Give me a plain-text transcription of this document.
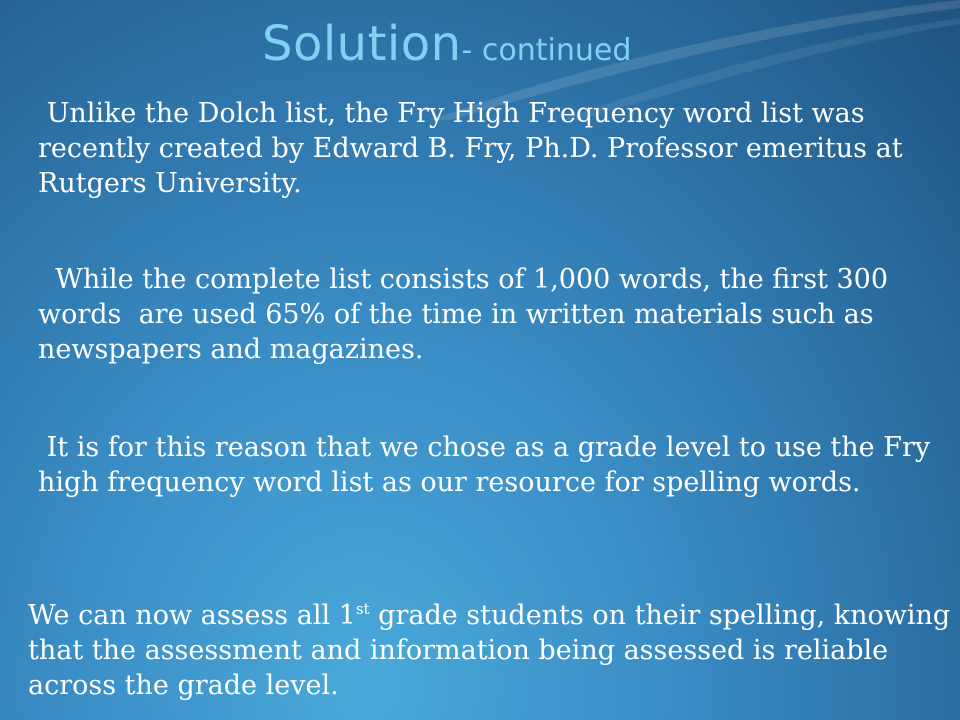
Solution- continued

Unlike the Dolch list, the Fry High Frequency word list was recently created by Edward B. Fry, Ph.D. Professor emeritus at Rutgers University.

While the complete list consists of 1,000 words, the first 300 words  are used 65% of the time in written materials such as newspapers and magazines.

It is for this reason that we chose as a grade level to use the Fry high frequency word list as our resource for spelling words.

We can now assess all 1st grade students on their spelling, knowing that the assessment and information being assessed is reliable across the grade level.
